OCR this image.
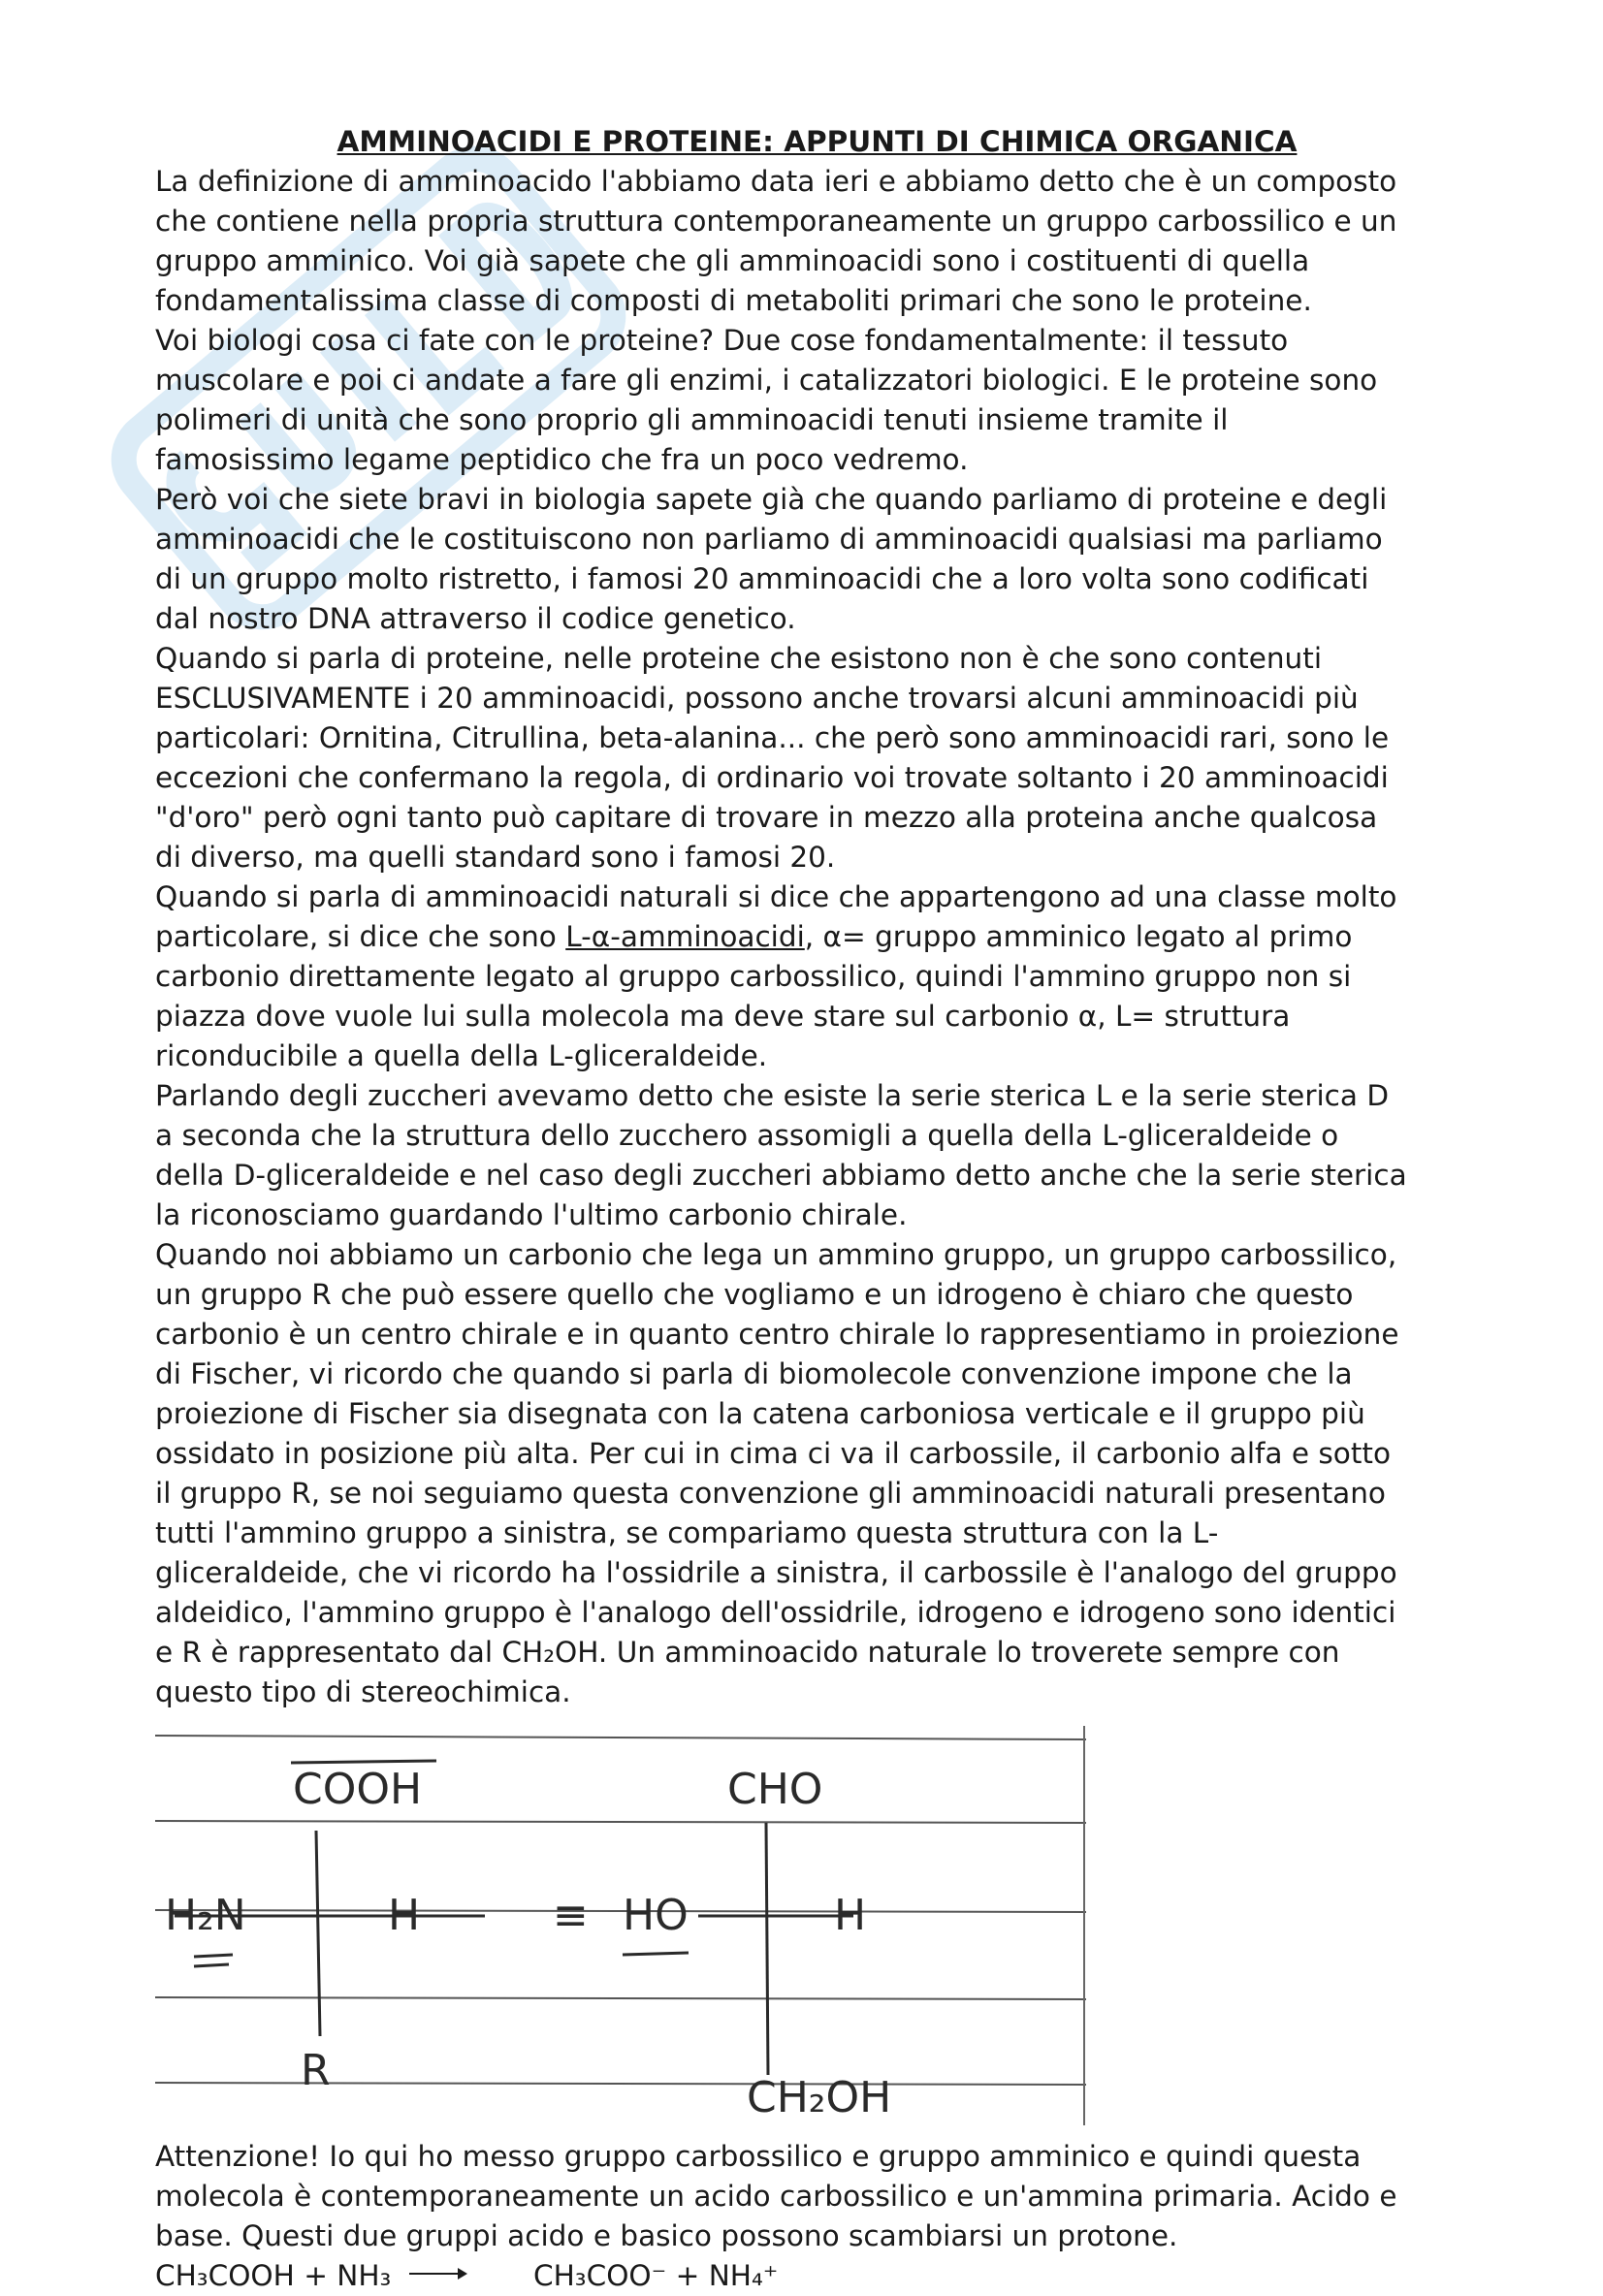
AMMINOACIDI E PROTEINE: APPUNTI DI CHIMICA ORGANICA

La definizione di amminoacido l'abbiamo data ieri e abbiamo detto che è un composto
che contiene nella propria struttura contemporaneamente un gruppo carbossilico e un
gruppo amminico. Voi già sapete che gli amminoacidi sono i costituenti di quella
fondamentalissima classe di composti di metaboliti primari che sono le proteine.
Voi biologi cosa ci fate con le proteine? Due cose fondamentalmente: il tessuto
muscolare e poi ci andate a fare gli enzimi, i catalizzatori biologici. E le proteine sono
polimeri di unità che sono proprio gli amminoacidi tenuti insieme tramite il
famosissimo legame peptidico che fra un poco vedremo.
Però voi che siete bravi in biologia sapete già che quando parliamo di proteine e degli
amminoacidi che le costituiscono non parliamo di amminoacidi qualsiasi ma parliamo
di un gruppo molto ristretto, i famosi 20 amminoacidi che a loro volta sono codificati
dal nostro DNA attraverso il codice genetico.
Quando si parla di proteine, nelle proteine che esistono non è che sono contenuti
ESCLUSIVAMENTE i 20 amminoacidi, possono anche trovarsi alcuni amminoacidi più
particolari: Ornitina, Citrullina, beta-alanina... che però sono amminoacidi rari, sono le
eccezioni che confermano la regola, di ordinario voi trovate soltanto i 20 amminoacidi
"d'oro" però ogni tanto può capitare di trovare in mezzo alla proteina anche qualcosa
di diverso, ma quelli standard sono i famosi 20.
Quando si parla di amminoacidi naturali si dice che appartengono ad una classe molto
particolare, si dice che sono L-α-amminoacidi, α= gruppo amminico legato al primo
carbonio direttamente legato al gruppo carbossilico, quindi l'ammino gruppo non si
piazza dove vuole lui sulla molecola ma deve stare sul carbonio α, L= struttura
riconducibile a quella della L-gliceraldeide.
Parlando degli zuccheri avevamo detto che esiste la serie sterica L e la serie sterica D
a seconda che la struttura dello zucchero assomigli a quella della L-gliceraldeide o
della D-gliceraldeide e nel caso degli zuccheri abbiamo detto anche che la serie sterica
la riconosciamo guardando l'ultimo carbonio chirale.
Quando noi abbiamo un carbonio che lega un ammino gruppo, un gruppo carbossilico,
un gruppo R che può essere quello che vogliamo e un idrogeno è chiaro che questo
carbonio è un centro chirale e in quanto centro chirale lo rappresentiamo in proiezione
di Fischer, vi ricordo che quando si parla di biomolecole convenzione impone che la
proiezione di Fischer sia disegnata con la catena carboniosa verticale e il gruppo più
ossidato in posizione più alta. Per cui in cima ci va il carbossile, il carbonio alfa e sotto
il gruppo R, se noi seguiamo questa convenzione gli amminoacidi naturali presentano
tutti l'ammino gruppo a sinistra, se compariamo questa struttura con la L-
gliceraldeide, che vi ricordo ha l'ossidrile a sinistra, il carbossile è l'analogo del gruppo
aldeidico, l'ammino gruppo è l'analogo dell'ossidrile, idrogeno e idrogeno sono identici
e R è rappresentato dal CH₂OH. Un amminoacido naturale lo troverete sempre con
questo tipo di stereochimica.
COOH
H₂N	H
R
≡
CHO
HO	H
CH₂OH
Attenzione! Io qui ho messo gruppo carbossilico e gruppo amminico e quindi questa
molecola è contemporaneamente un acido carbossilico e un'ammina primaria. Acido e
base. Questi due gruppi acido e basico possono scambiarsi un protone.
CH₃COOH + NH₃	CH₃COO⁻ + NH₄⁺
